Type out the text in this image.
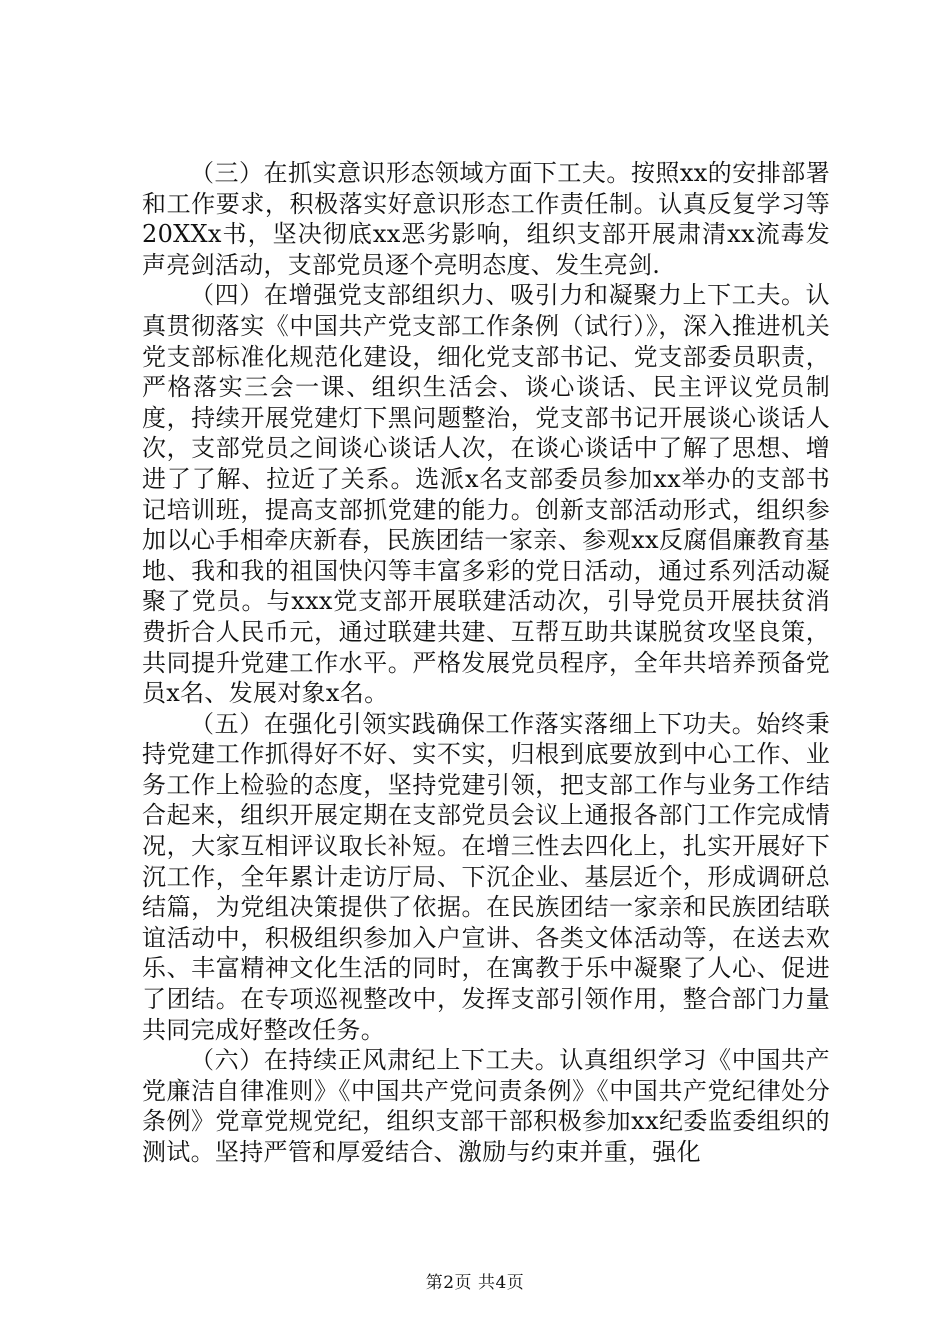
（三）在抓实意识形态领域方面下工夫。按照xx的安排部署和工作要求，积极落实好意识形态工作责任制。认真反复学习等20XXx书，坚决彻底xx恶劣影响，组织支部开展肃清xx流毒发声亮剑活动，支部党员逐个亮明态度、发生亮剑.

（四）在增强党支部组织力、吸引力和凝聚力上下工夫。认真贯彻落实《中国共产党支部工作条例（试行）》，深入推进机关党支部标准化规范化建设，细化党支部书记、党支部委员职责，严格落实三会一课、组织生活会、谈心谈话、民主评议党员制度，持续开展党建灯下黑问题整治，党支部书记开展谈心谈话人次，支部党员之间谈心谈话人次，在谈心谈话中了解了思想、增进了了解、拉近了关系。选派x名支部委员参加xx举办的支部书记培训班，提高支部抓党建的能力。创新支部活动形式，组织参加以心手相牵庆新春，民族团结一家亲、参观xx反腐倡廉教育基地、我和我的祖国快闪等丰富多彩的党日活动，通过系列活动凝聚了党员。与xxx党支部开展联建活动次，引导党员开展扶贫消费折合人民币元，通过联建共建、互帮互助共谋脱贫攻坚良策，共同提升党建工作水平。严格发展党员程序，全年共培养预备党员x名、发展对象x名。

（五）在强化引领实践确保工作落实落细上下功夫。始终秉持党建工作抓得好不好、实不实，归根到底要放到中心工作、业务工作上检验的态度，坚持党建引领，把支部工作与业务工作结合起来，组织开展定期在支部党员会议上通报各部门工作完成情况，大家互相评议取长补短。在增三性去四化上，扎实开展好下沉工作，全年累计走访厅局、下沉企业、基层近个，形成调研总结篇，为党组决策提供了依据。在民族团结一家亲和民族团结联谊活动中，积极组织参加入户宣讲、各类文体活动等，在送去欢乐、丰富精神文化生活的同时，在寓教于乐中凝聚了人心、促进了团结。在专项巡视整改中，发挥支部引领作用，整合部门力量共同完成好整改任务。

（六）在持续正风肃纪上下工夫。认真组织学习《中国共产党廉洁自律准则》《中国共产党问责条例》《中国共产党纪律处分条例》党章党规党纪，组织支部干部积极参加xx纪委监委组织的测试。坚持严管和厚爱结合、激励与约束并重，强化

第2页 共4页
